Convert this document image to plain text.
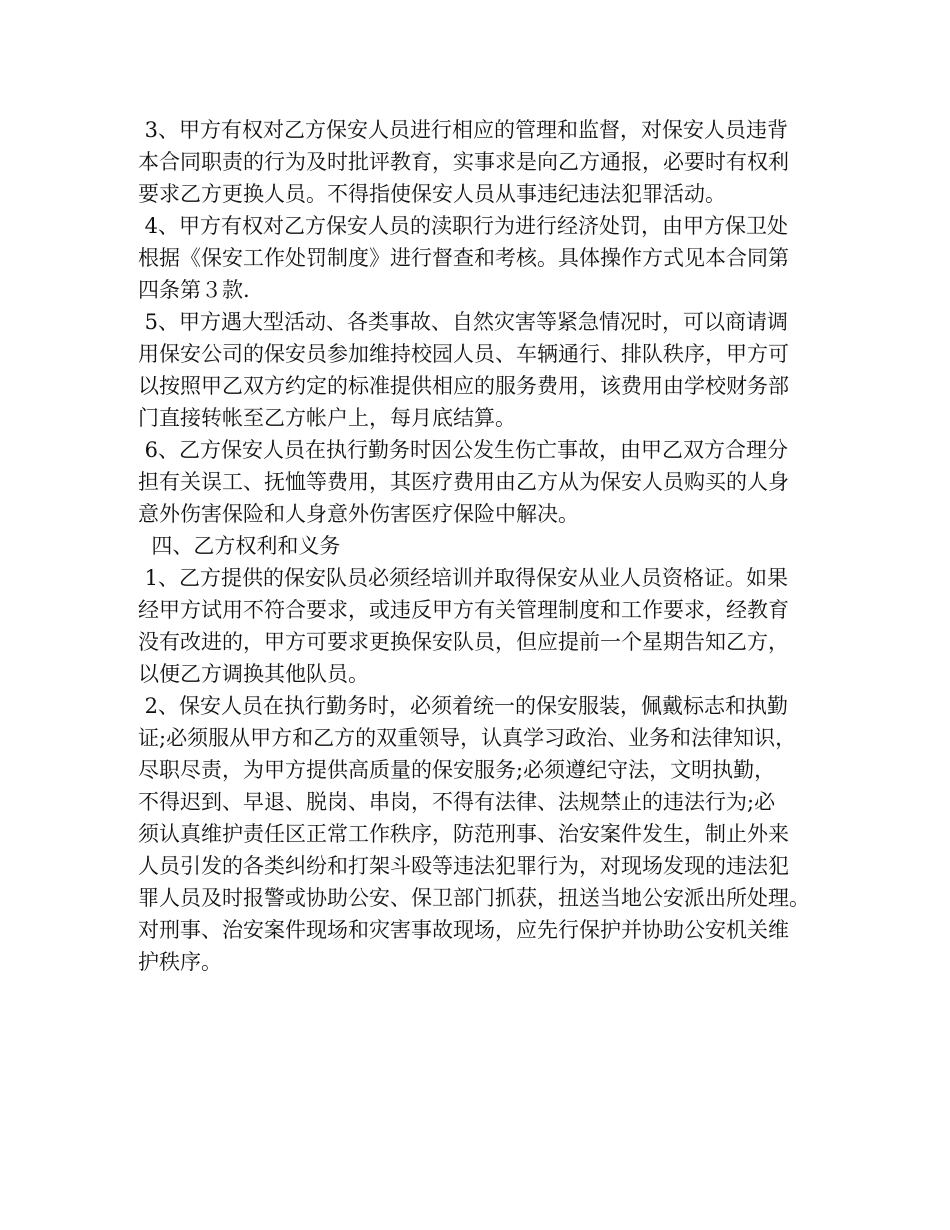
3、甲方有权对乙方保安人员进行相应的管理和监督，对保安人员违背
本合同职责的行为及时批评教育，实事求是向乙方通报，必要时有权利
要求乙方更换人员。不得指使保安人员从事违纪违法犯罪活动。
4、甲方有权对乙方保安人员的渎职行为进行经济处罚，由甲方保卫处
根据《保安工作处罚制度》进行督查和考核。具体操作方式见本合同第
四条第３款.
5、甲方遇大型活动、各类事故、自然灾害等紧急情况时，可以商请调
用保安公司的保安员参加维持校园人员、车辆通行、排队秩序，甲方可
以按照甲乙双方约定的标准提供相应的服务费用，该费用由学校财务部
门直接转帐至乙方帐户上，每月底结算。
6、乙方保安人员在执行勤务时因公发生伤亡事故，由甲乙双方合理分
担有关误工、抚恤等费用，其医疗费用由乙方从为保安人员购买的人身
意外伤害保险和人身意外伤害医疗保险中解决。
四、乙方权利和义务
1、乙方提供的保安队员必须经培训并取得保安从业人员资格证。如果
经甲方试用不符合要求，或违反甲方有关管理制度和工作要求，经教育
没有改进的，甲方可要求更换保安队员，但应提前一个星期告知乙方，
以便乙方调换其他队员。
2、保安人员在执行勤务时，必须着统一的保安服装，佩戴标志和执勤
证;必须服从甲方和乙方的双重领导，认真学习政治、业务和法律知识，
尽职尽责，为甲方提供高质量的保安服务;必须遵纪守法，文明执勤，
不得迟到、早退、脱岗、串岗，不得有法律、法规禁止的违法行为;必
须认真维护责任区正常工作秩序，防范刑事、治安案件发生，制止外来
人员引发的各类纠纷和打架斗殴等违法犯罪行为，对现场发现的违法犯
罪人员及时报警或协助公安、保卫部门抓获，扭送当地公安派出所处理。
对刑事、治安案件现场和灾害事故现场，应先行保护并协助公安机关维
护秩序。
